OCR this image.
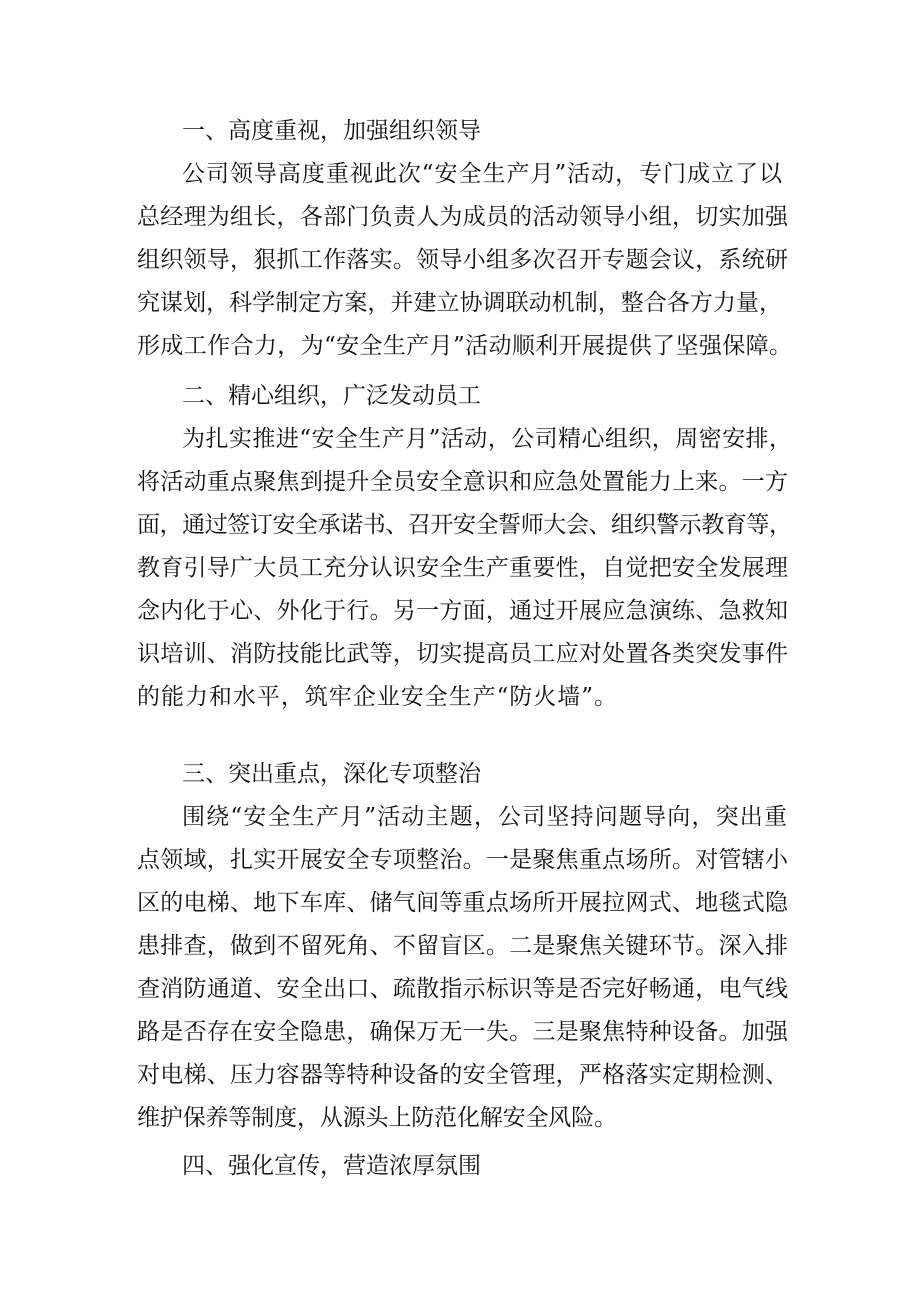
一、高度重视，加强组织领导
公司领导高度重视此次“安全生产月”活动，专门成立了以
总经理为组长，各部门负责人为成员的活动领导小组，切实加强
组织领导，狠抓工作落实。领导小组多次召开专题会议，系统研
究谋划，科学制定方案，并建立协调联动机制，整合各方力量，
形成工作合力，为“安全生产月”活动顺利开展提供了坚强保障。
二、精心组织，广泛发动员工
为扎实推进“安全生产月”活动，公司精心组织，周密安排，
将活动重点聚焦到提升全员安全意识和应急处置能力上来。一方
面，通过签订安全承诺书、召开安全誓师大会、组织警示教育等，
教育引导广大员工充分认识安全生产重要性，自觉把安全发展理
念内化于心、外化于行。另一方面，通过开展应急演练、急救知
识培训、消防技能比武等，切实提高员工应对处置各类突发事件
的能力和水平，筑牢企业安全生产“防火墙”。
三、突出重点，深化专项整治
围绕“安全生产月”活动主题，公司坚持问题导向，突出重
点领域，扎实开展安全专项整治。一是聚焦重点场所。对管辖小
区的电梯、地下车库、储气间等重点场所开展拉网式、地毯式隐
患排查，做到不留死角、不留盲区。二是聚焦关键环节。深入排
查消防通道、安全出口、疏散指示标识等是否完好畅通，电气线
路是否存在安全隐患，确保万无一失。三是聚焦特种设备。加强
对电梯、压力容器等特种设备的安全管理，严格落实定期检测、
维护保养等制度，从源头上防范化解安全风险。
四、强化宣传，营造浓厚氛围
